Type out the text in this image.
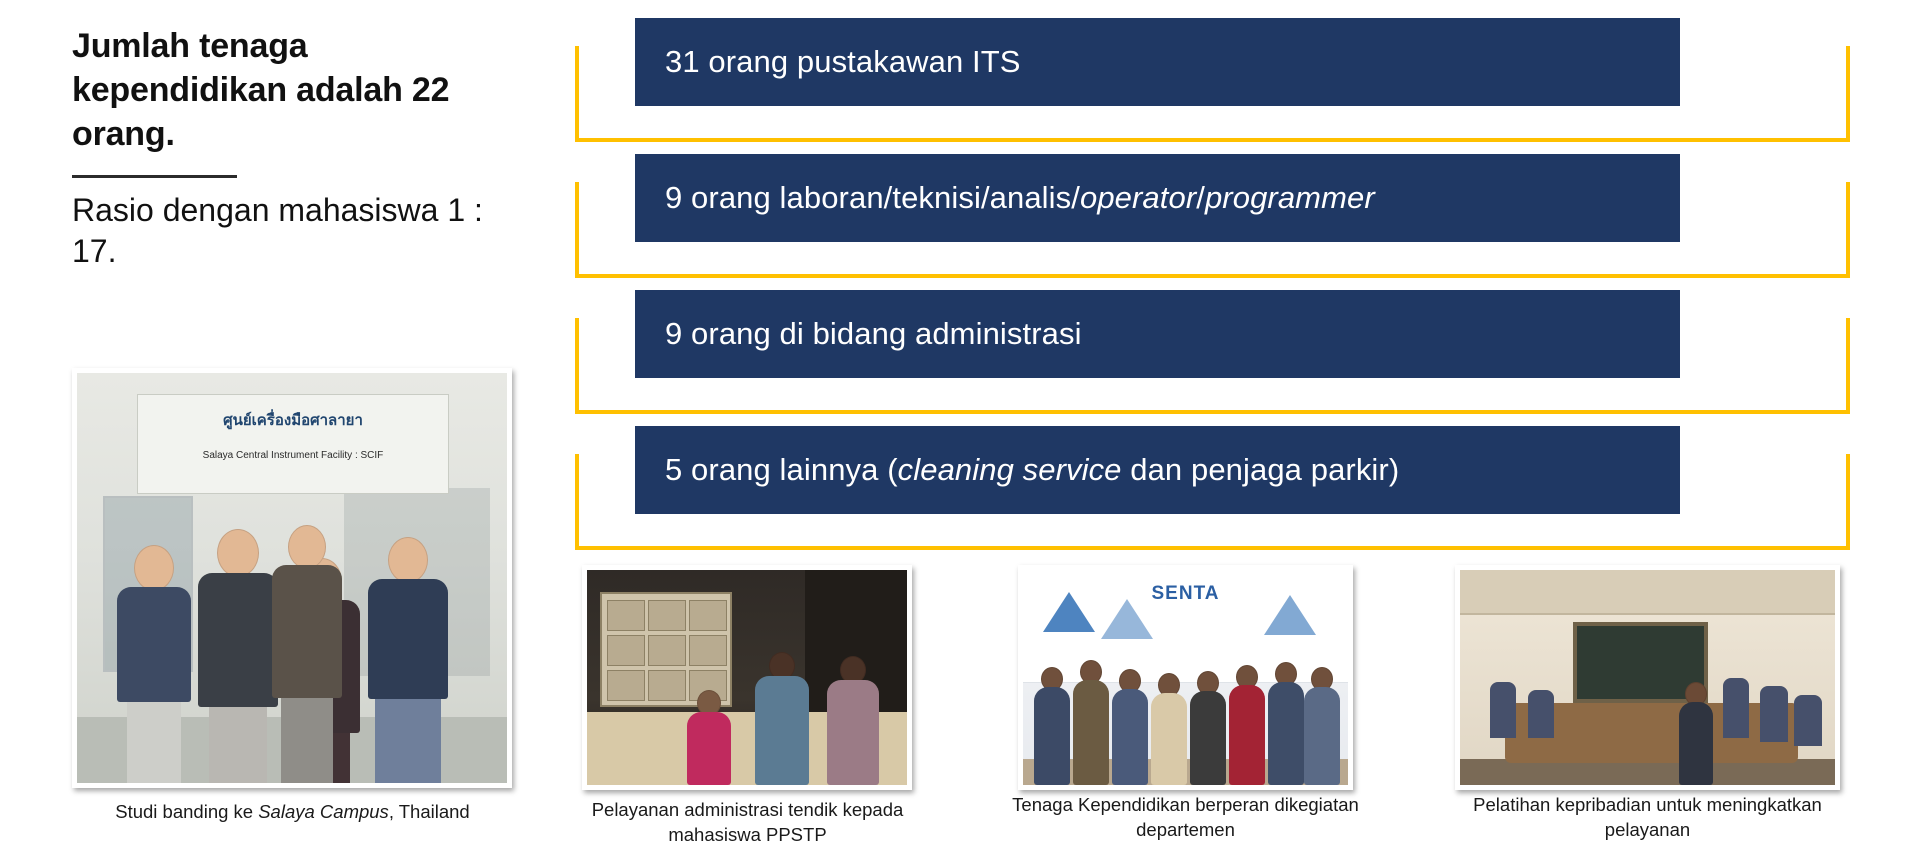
Jumlah tenaga kependidikan adalah 22 orang.
Rasio dengan mahasiswa 1 : 17.
31 orang pustakawan ITS
9 orang laboran/teknisi/analis/operator/programmer
9 orang di bidang administrasi
5 orang lainnya (cleaning service dan penjaga parkir)
ศูนย์เครื่องมือศาลายา
Salaya Central Instrument Facility : SCIF
Studi banding ke Salaya Campus, Thailand	Pelayanan administrasi tendik kepada mahasiswa PPSTP
SENTA
Tenaga Kependidikan berperan dikegiatan departemen
Pelatihan kepribadian untuk meningkatkan pelayanan
